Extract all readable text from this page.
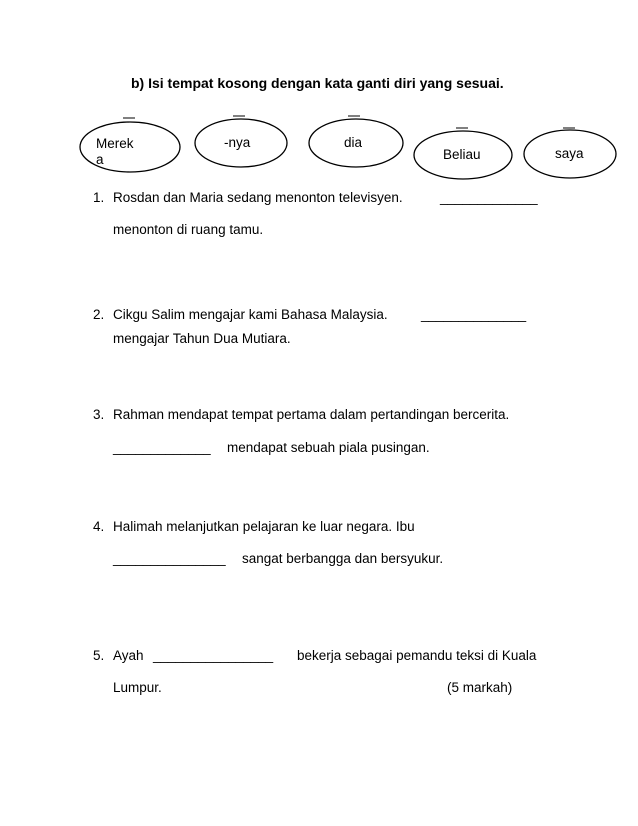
b) Isi tempat kosong dengan kata ganti diri yang sesuai.
Merek
a
-nya	dia
Beliau	saya
1. Rosdan dan Maria sedang menonton televisyen.	_____________
menonton di ruang tamu.
2. Cikgu Salim mengajar kami Bahasa Malaysia. ______________
mengajar Tahun Dua Mutiara.
3. Rahman mendapat tempat pertama dalam pertandingan bercerita.
_____________ mendapat sebuah piala pusingan.
4. Halimah melanjutkan pelajaran ke luar negara. Ibu
_______________ sangat berbangga dan bersyukur.
5. Ayah ________________ bekerja sebagai pemandu teksi di Kuala
Lumpur.	(5 markah)
